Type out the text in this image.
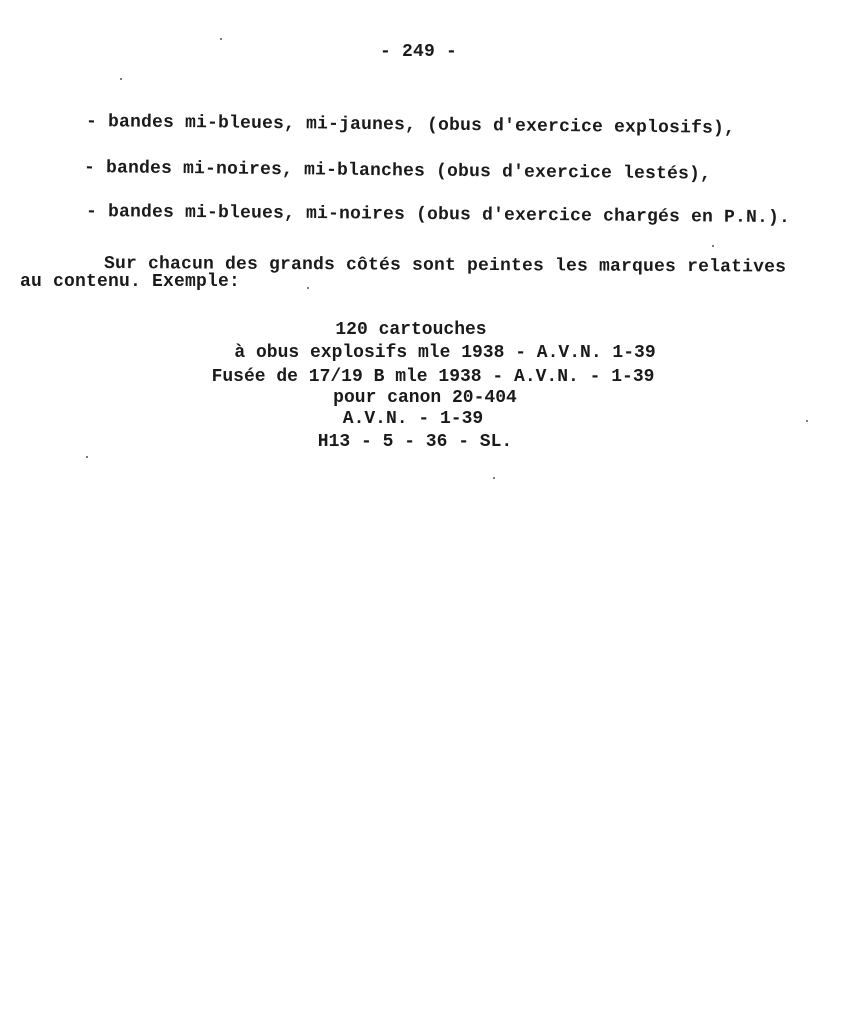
- 249 -
- bandes mi-bleues, mi-jaunes, (obus d'exercice explosifs),
- bandes mi-noires, mi-blanches (obus d'exercice lestés),
- bandes mi-bleues, mi-noires (obus d'exercice chargés en P.N.).
Sur chacun des grands côtés sont peintes les marques relatives
au contenu. Exemple:
120 cartouches
à obus explosifs mle 1938 - A.V.N. 1-39
Fusée de 17/19 B mle 1938 - A.V.N. - 1-39
pour canon 20-404
A.V.N. - 1-39
H13 - 5 - 36 - SL.
